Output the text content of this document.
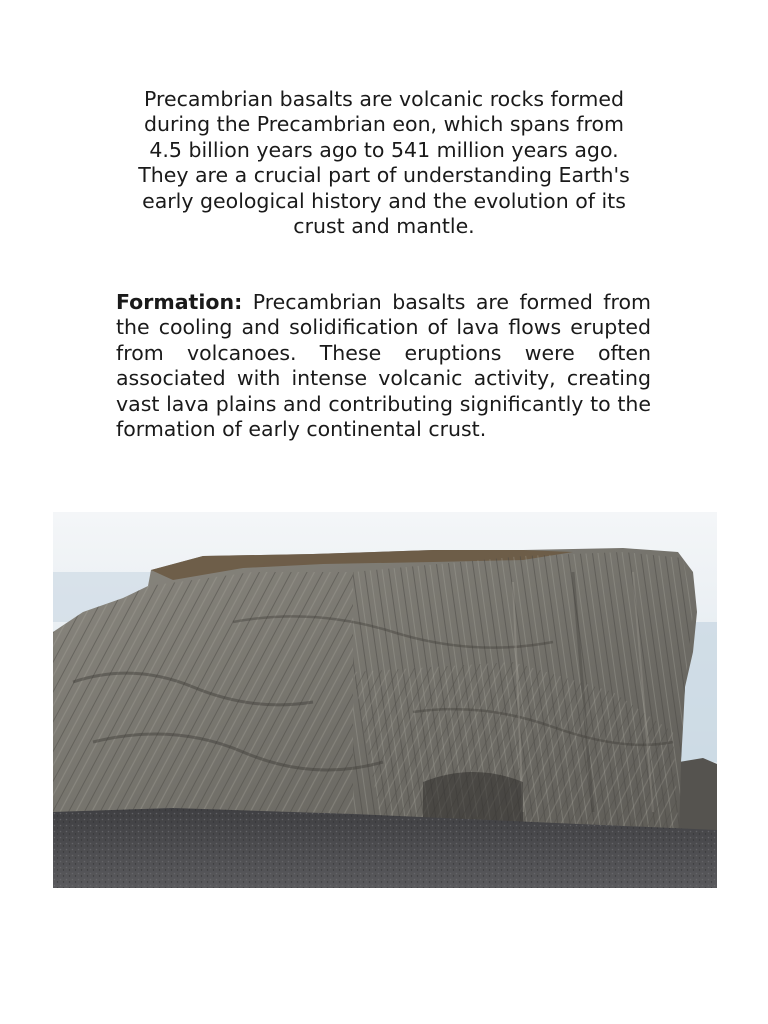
Precambrian basalts are volcanic rocks formed during the Precambrian eon, which spans from 4.5 billion years ago to 541 million years ago. They are a crucial part of understanding Earth's early geological history and the evolution of its crust and mantle.

Formation: Precambrian basalts are formed from the cooling and solidification of lava flows erupted from volcanoes. These eruptions were often associated with intense volcanic activity, creating vast lava plains and contributing significantly to the formation of early continental crust.
